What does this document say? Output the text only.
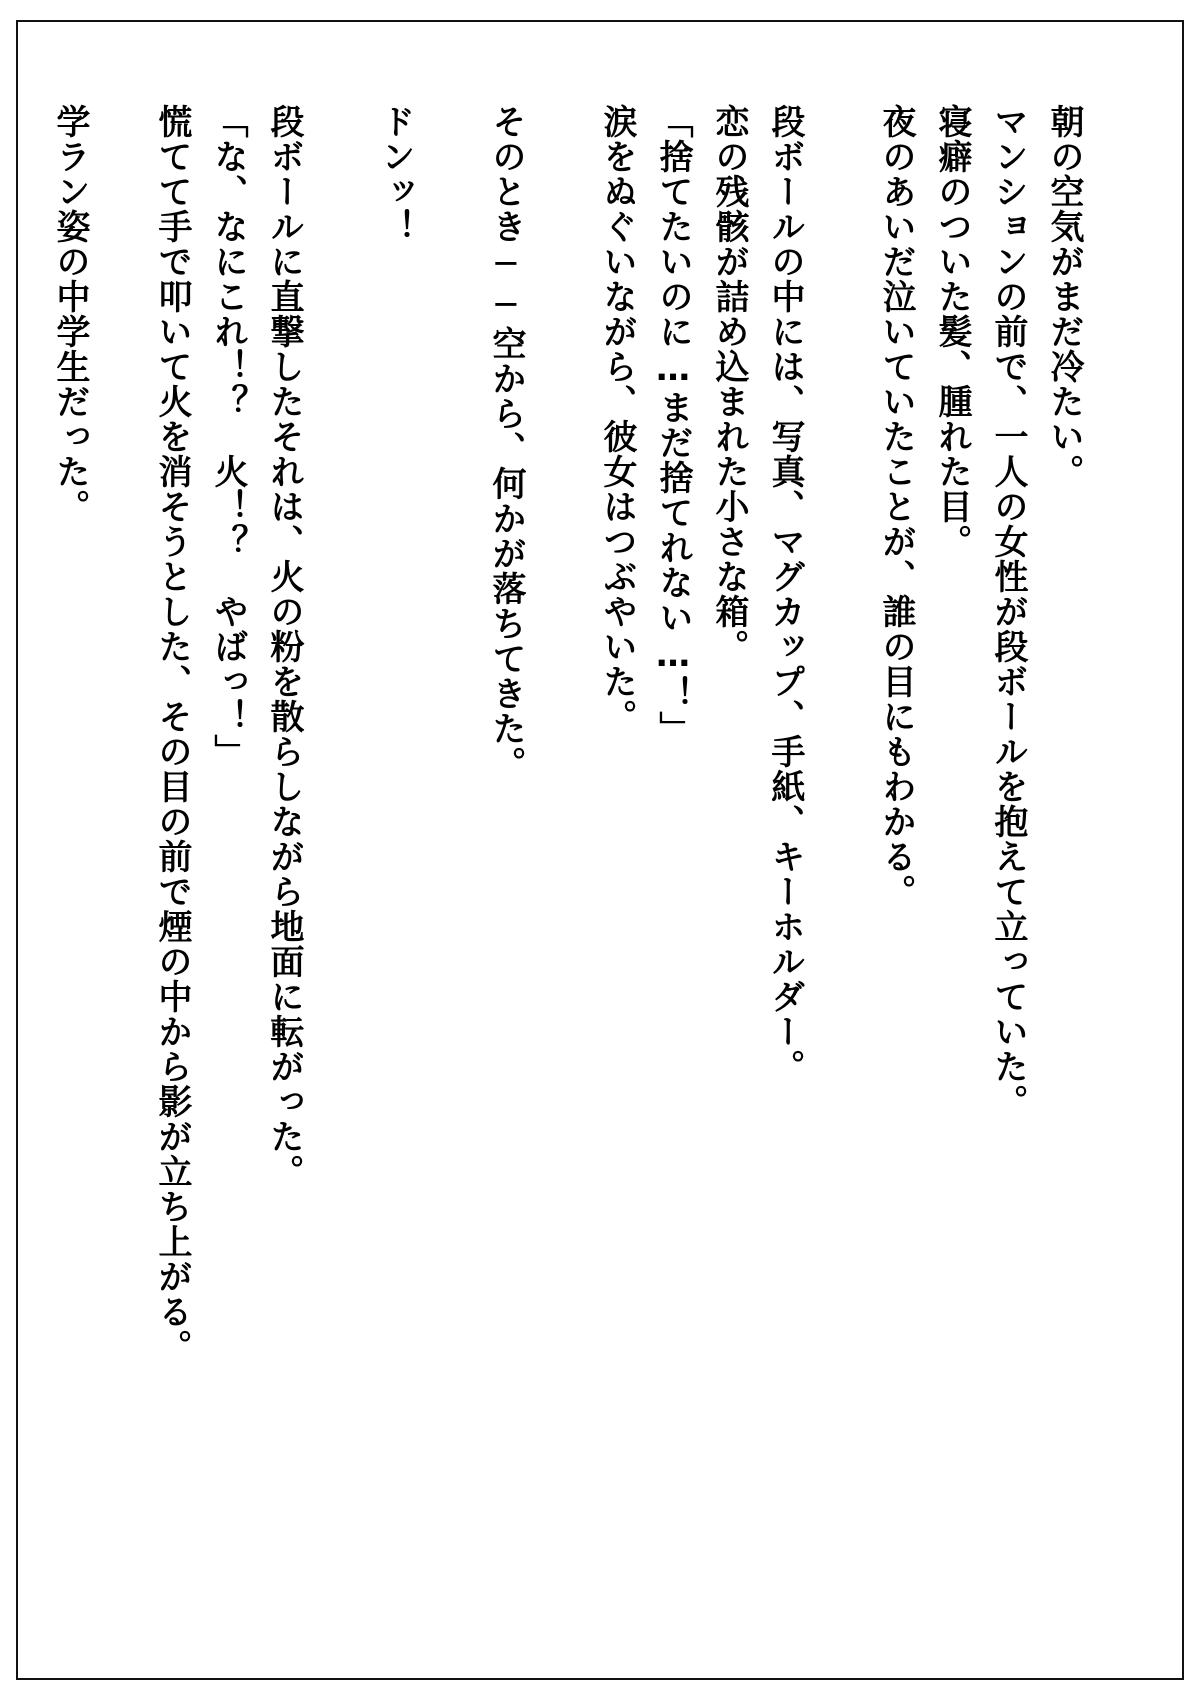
朝の空気がまだ冷たい。
マンションの前で、一人の女性が段ボールを抱えて立っていた。
寝癖のついた髪、腫れた目。
夜のあいだ泣いていたことが、誰の目にもわかる。
段ボールの中には、写真、マグカップ、手紙、キーホルダー。
恋の残骸が詰め込まれた小さな箱。
「捨てたいのに…まだ捨てれない…！」
涙をぬぐいながら、彼女はつぶやいた。
そのとき──空から、何かが落ちてきた。
ドンッ！
段ボールに直撃したそれは、火の粉を散らしながら地面に転がった。
「な、なにこれ！？　火！？　やばっ！」
慌てて手で叩いて火を消そうとした、その目の前で煙の中から影が立ち上がる。
学ラン姿の中学生だった。
